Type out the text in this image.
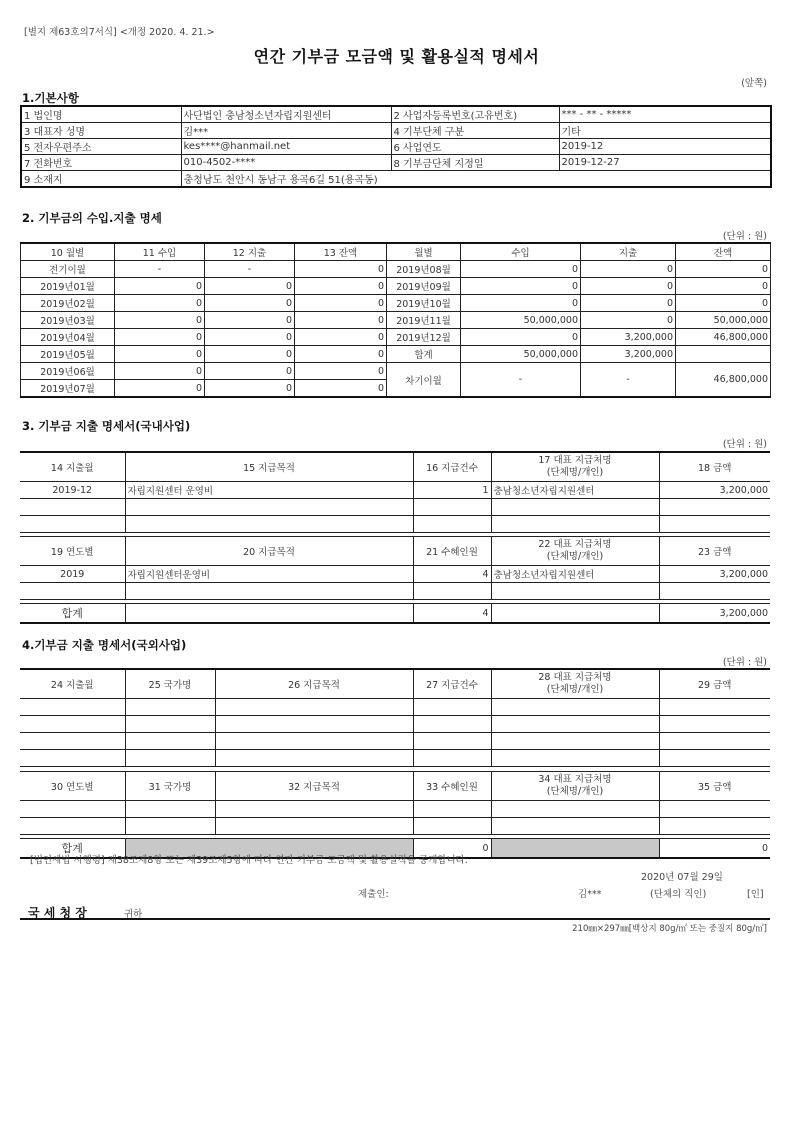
[별지 제63호의7서식] <개정 2020. 4. 21.>
연간 기부금 모금액 및 활용실적 명세서
(앞쪽)
1.기본사항
1 법인명	사단법인 충남청소년자립지원센터	2 사업자등록번호(고유번호)	*** - ** - *****
3 대표자 성명	김***	4 기부단체 구분	기타
5 전자우편주소	kes****@hanmail.net	6 사업연도	2019-12
7 전화번호	010-4502-****	8 기부금단체 지정일	2019-12-27
9 소재지	충청남도 천안시 동남구 용곡6길 51(용곡동)		
2. 기부금의 수입.지출 명세
(단위 : 원)
10 월별	11 수입	12 지출	13 잔액	월별	수입	지출	잔액
전기이월	-	-	0	2019년08월	0	0	0
2019년01월	0	0	0	2019년09월	0	0	0
2019년02월	0	0	0	2019년10월	0	0	0
2019년03월	0	0	0	2019년11월	50,000,000	0	50,000,000
2019년04월	0	0	0	2019년12월	0	3,200,000	46,800,000
2019년05월	0	0	0	합계	50,000,000	3,200,000	
2019년06월	0	0	0	차기이월	-	-	46,800,000
2019년07월	0	0	0				
3. 기부금 지출 명세서(국내사업)
(단위 : 원)
14 지출월	15 지급목적	16 지급건수	17 대표 지급처명
(단체명/개인)	18 금액
2019-12	자립지원센터 운영비	1	충남청소년자립지원센터	3,200,000

19 연도별	20 지급목적	21 수혜인원	22 대표 지급처명
(단체명/개인)	23 금액
2019	자립지원센터운영비	4	충남청소년자립지원센터	3,200,000

합계		4		3,200,000
4.기부금 지출 명세서(국외사업)
(단위 : 원)
24 지출월	25 국가명	26 지급목적	27 지급건수	28 대표 지급처명
(단체명/개인)	29 금액

30 연도별	31 국가명	32 지급목적	33 수혜인원	34 대표 지급처명
(단체명/개인)	35 금액

합계			0		0
[법인세법 시행령] 제38조제8항 또는 제39조제5항에 따라 연간 기부금 모금액 및 활용실적을 공개합니다.
2020년 07월 29일
제출인:	김***	(단체의 직인)	[인]
국 세 청 장	귀하
210㎜×297㎜[백상지 80g/㎡ 또는 중질지 80g/㎡]
